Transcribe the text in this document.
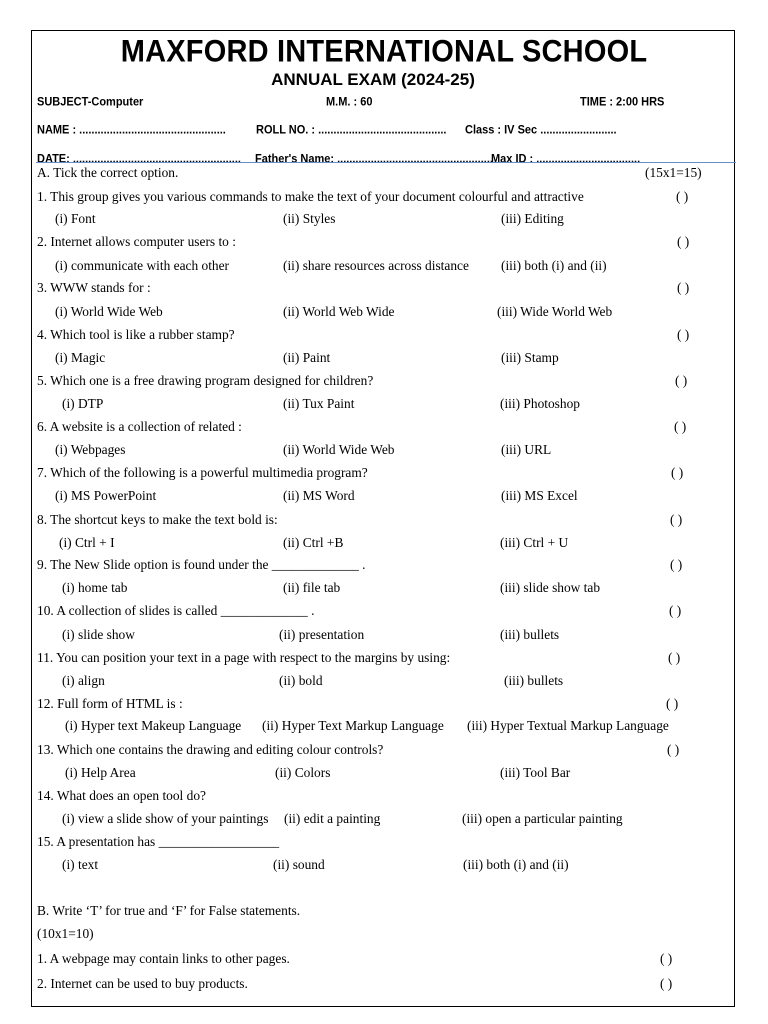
MAXFORD INTERNATIONAL SCHOOL
ANNUAL EXAM (2024-25)
SUBJECT-Computer	M.M. : 60	TIME : 2:00 HRS
NAME : ................................................	ROLL NO. : .......................................... Class : IV Sec .........................
DATE: ....................................................... Father's Name: ...................................................
Max ID : ..................................
A. Tick the correct option.	(15x1=15)
1. This group gives you various commands to make the text of your document colourful and attractive	( )
(i) Font	(ii) Styles	(iii) Editing
2. Internet allows computer users to :	( )
(i) communicate with each other	(ii) share resources across distance (iii) both (i) and (ii)
3. WWW stands for :	( )
(i) World Wide Web	(ii) World Web Wide	(iii) Wide World Web
4. Which tool is like a rubber stamp?	( )
(i) Magic	(ii) Paint	(iii) Stamp
5. Which one is a free drawing program designed for children?	( )
(i) DTP	(ii) Tux Paint	(iii) Photoshop
6. A website is a collection of related :	( )
(i) Webpages	(ii) World Wide Web	(iii) URL
7. Which of the following is a powerful multimedia program?	( )
(i) MS PowerPoint	(ii) MS Word	(iii) MS Excel
8. The shortcut keys to make the text bold is:	( )
(i) Ctrl + I	(ii) Ctrl +B	(iii) Ctrl + U
9. The New Slide option is found under the _____________ .	( )
(i) home tab	(ii) file tab	(iii) slide show tab
10. A collection of slides is called _____________ .	( )
(i) slide show	(ii) presentation	(iii) bullets
11. You can position your text in a page with respect to the margins by using:	( )
(i) align	(ii) bold	(iii) bullets
12. Full form of HTML is :	( )
(i) Hyper text Makeup Language (ii) Hyper Text Markup Language (iii) Hyper Textual Markup Language
13. Which one contains the drawing and editing colour controls?	( )
(i) Help Area	(ii) Colors	(iii) Tool Bar
14. What does an open tool do?
(i) view a slide show of your paintings (ii) edit a painting	(iii) open a particular painting
15. A presentation has __________________
(i) text	(ii) sound	(iii) both (i) and (ii)
B. Write ‘T’ for true and ‘F’ for False statements.
(10x1=10)
1. A webpage may contain links to other pages.	( )
2. Internet can be used to buy products.	( )
